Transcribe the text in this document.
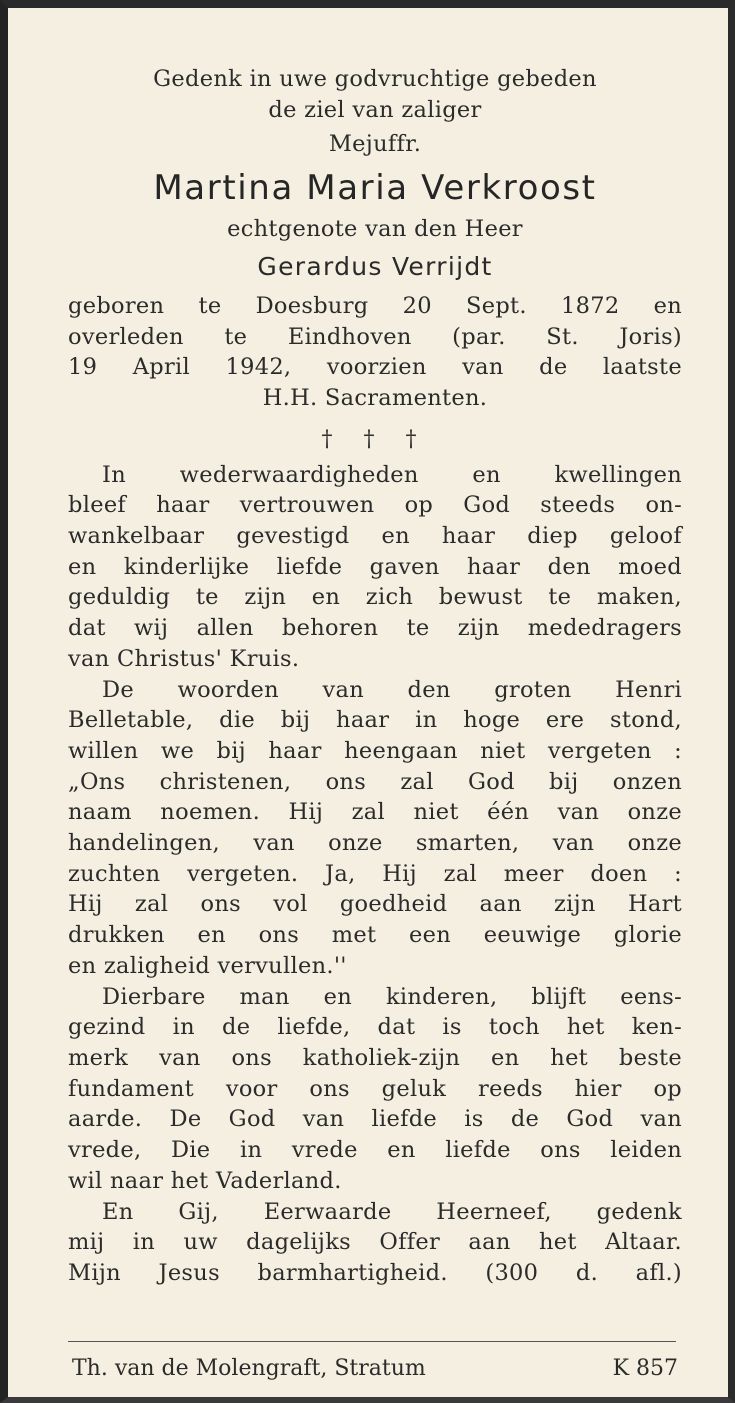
Gedenk in uwe godvruchtige gebeden
de ziel van zaliger
Mejuffr.
Martina Maria Verkroost
echtgenote van den Heer
Gerardus Verrijdt
geboren te Doesburg 20 Sept. 1872 en
overleden te Eindhoven (par. St. Joris)
19 April 1942, voorzien van de laatste
H.H. Sacramenten.
† † †
In wederwaardigheden en kwellingen
bleef haar vertrouwen op God steeds on-
wankelbaar gevestigd en haar diep geloof
en kinderlijke liefde gaven haar den moed
geduldig te zijn en zich bewust te maken,
dat wij allen behoren te zijn mededragers
van Christus' Kruis.
De woorden van den groten Henri
Belletable, die bij haar in hoge ere stond,
willen we bij haar heengaan niet vergeten :
„Ons christenen, ons zal God bij onzen
naam noemen. Hij zal niet één van onze
handelingen, van onze smarten, van onze
zuchten vergeten. Ja, Hij zal meer doen :
Hij zal ons vol goedheid aan zijn Hart
drukken en ons met een eeuwige glorie
en zaligheid vervullen.''
Dierbare man en kinderen, blijft eens-
gezind in de liefde, dat is toch het ken-
merk van ons katholiek-zijn en het beste
fundament voor ons geluk reeds hier op
aarde. De God van liefde is de God van
vrede, Die in vrede en liefde ons leiden
wil naar het Vaderland.
En Gij, Eerwaarde Heerneef, gedenk
mij in uw dagelijks Offer aan het Altaar.
Mijn Jesus barmhartigheid. (300 d. afl.)
Th. van de Molengraft, Stratum	K 857
